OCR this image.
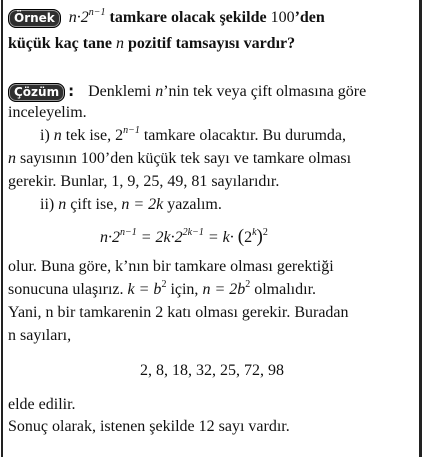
Örnek $n\cdot 2^{n-1}$ tamkare olacak şekilde 100’den
küçük kaç tane n pozitif tamsayısı vardır?
Çözüm : Denklemi n’nin tek veya çift olmasına göre
inceleyelim.
i) n tek ise, $2^{n-1}$ tamkare olacaktır. Bu durumda,
n sayısının 100’den küçük tek sayı ve tamkare olması
gerekir. Bunlar, 1, 9, 25, 49, 81 sayılarıdır.
ii) n çift ise, n = 2k yazalım.
$n\cdot 2^{n-1} = 2k\cdot 2^{2k-1} = k\cdot (2^k)^2$
olur. Buna göre, k’nın bir tamkare olması gerektiği
sonucuna ulaşırız. $k = b^2$ için, $n = 2b^2$ olmalıdır.
Yani, n bir tamkarenin 2 katı olması gerekir. Buradan
n sayıları,
2, 8, 18, 32, 25, 72, 98
elde edilir.
Sonuç olarak, istenen şekilde 12 sayı vardır.
